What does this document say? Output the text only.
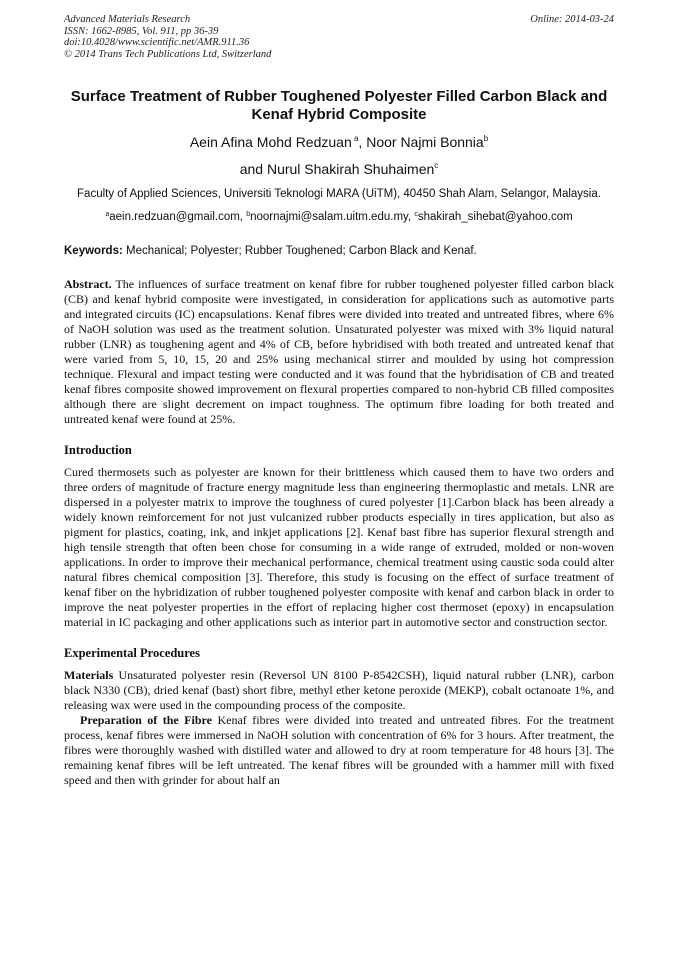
Advanced Materials Research
ISSN: 1662-8985, Vol. 911, pp 36-39
doi:10.4028/www.scientific.net/AMR.911.36
© 2014 Trans Tech Publications Ltd, Switzerland
Online: 2014-03-24
Surface Treatment of Rubber Toughened Polyester Filled Carbon Black and Kenaf Hybrid Composite
Aein Afina Mohd Redzuan $^a$, Noor Najmi Bonnia$^b$
and Nurul Shakirah Shuhaimen$^c$
Faculty of Applied Sciences, Universiti Teknologi MARA (UiTM), 40450 Shah Alam, Selangor, Malaysia.
$^a$aein.redzuan@gmail.com, $^b$noornajmi@salam.uitm.edu.my, $^c$shakirah_sihebat@yahoo.com
Keywords: Mechanical; Polyester; Rubber Toughened; Carbon Black and Kenaf.

Abstract. The influences of surface treatment on kenaf fibre for rubber toughened polyester filled carbon black (CB) and kenaf hybrid composite were investigated, in consideration for applications such as automotive parts and integrated circuits (IC) encapsulations. Kenaf fibres were divided into treated and untreated fibres, where 6% of NaOH solution was used as the treatment solution. Unsaturated polyester was mixed with 3% liquid natural rubber (LNR) as toughening agent and 4% of CB, before hybridised with both treated and untreated kenaf that were varied from 5, 10, 15, 20 and 25% using mechanical stirrer and moulded by using hot compression technique. Flexural and impact testing were conducted and it was found that the hybridisation of CB and treated kenaf fibres composite showed improvement on flexural properties compared to non-hybrid CB filled composites although there are slight decrement on impact toughness. The optimum fibre loading for both treated and untreated kenaf were found at 25%.

Introduction

Cured thermosets such as polyester are known for their brittleness which caused them to have two orders and three orders of magnitude of fracture energy magnitude less than engineering thermoplastic and metals. LNR are dispersed in a polyester matrix to improve the toughness of cured polyester [1].Carbon black has been already a widely known reinforcement for not just vulcanized rubber products especially in tires application, but also as pigment for plastics, coating, ink, and inkjet applications [2]. Kenaf bast fibre has superior flexural strength and high tensile strength that often been chose for consuming in a wide range of extruded, molded or non-woven applications. In order to improve their mechanical performance, chemical treatment using caustic soda could alter natural fibres chemical composition [3]. Therefore, this study is focusing on the effect of surface treatment of kenaf fiber on the hybridization of rubber toughened polyester composite with kenaf and carbon black in order to improve the neat polyester properties in the effort of replacing higher cost thermoset (epoxy) in encapsulation material in IC packaging and other applications such as interior part in automotive sector and construction sector.

Experimental Procedures

Materials Unsaturated polyester resin (Reversol UN 8100 P-8542CSH), liquid natural rubber (LNR), carbon black N330 (CB), dried kenaf (bast) short fibre, methyl ether ketone peroxide (MEKP), cobalt octanoate 1%, and releasing wax were used in the compounding process of the composite.

Preparation of the Fibre Kenaf fibres were divided into treated and untreated fibres. For the treatment process, kenaf fibres were immersed in NaOH solution with concentration of 6% for 3 hours. After treatment, the fibres were thoroughly washed with distilled water and allowed to dry at room temperature for 48 hours [3]. The remaining kenaf fibres will be left untreated. The kenaf fibres will be grounded with a hammer mill with fixed speed and then with grinder for about half an
